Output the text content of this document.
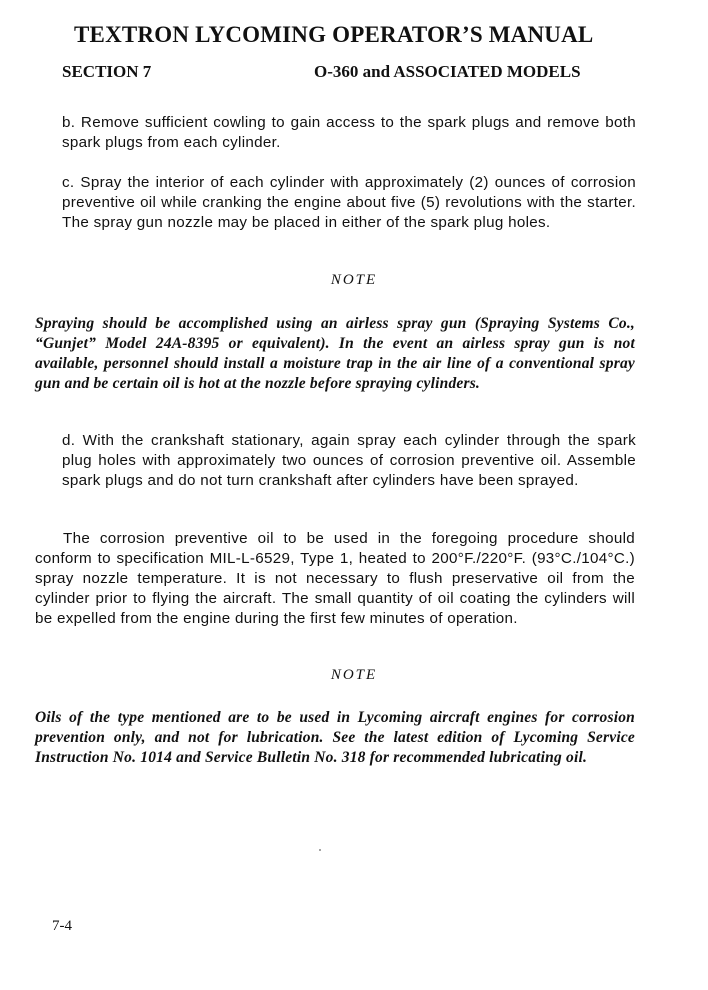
TEXTRON LYCOMING OPERATOR’S MANUAL
SECTION 7	O-360 and ASSOCIATED MODELS

b. Remove sufficient cowling to gain access to the spark plugs and remove both spark plugs from each cylinder.

c. Spray the interior of each cylinder with approximately (2) ounces of corrosion preventive oil while cranking the engine about five (5) revolutions with the starter. The spray gun nozzle may be placed in either of the spark plug holes.

NOTE

Spraying should be accomplished using an airless spray gun (Spraying Systems Co., “Gunjet” Model 24A-8395 or equivalent). In the event an airless spray gun is not available, personnel should install a moisture trap in the air line of a conventional spray gun and be certain oil is hot at the nozzle before spraying cylinders.

d. With the crankshaft stationary, again spray each cylinder through the spark plug holes with approximately two ounces of corrosion preventive oil. Assemble spark plugs and do not turn crankshaft after cylinders have been sprayed.

The corrosion preventive oil to be used in the foregoing procedure should conform to specification MIL-L-6529, Type 1, heated to 200°F./220°F. (93°C./104°C.) spray nozzle temperature. It is not necessary to flush preservative oil from the cylinder prior to flying the aircraft. The small quantity of oil coating the cylinders will be expelled from the engine during the first few minutes of operation.

NOTE

Oils of the type mentioned are to be used in Lycoming aircraft engines for corrosion prevention only, and not for lubrication. See the latest edition of Lycoming Service Instruction No. 1014 and Service Bulletin No. 318 for recommended lubricating oil.

7-4
